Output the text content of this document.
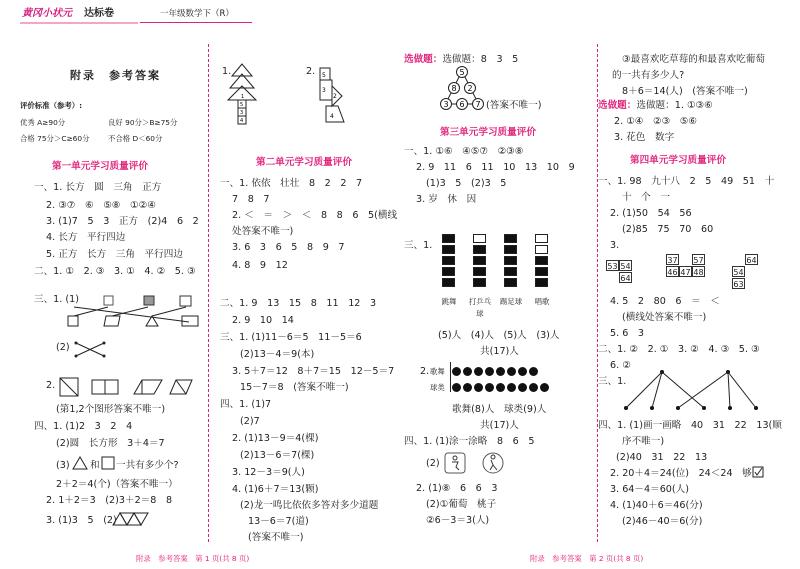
黄冈小状元 达标卷	一年级数学下（R）
附录　参考答案
评价标准（参考）:
优秀 A≥90分	良好 90分＞B≥75分
合格 75分＞C≥60分	不合格 D＜60分
第一单元学习质量评价
一、1. 长方　圆　三角　正方
2. ③⑦　⑥　⑤⑧　①②④
3. (1)7　5　3　正方　(2)4　6　2
4. 长方　平行四边
5. 正方　长方　三角　平行四边
二、1. ①　2. ③　3. ①　4. ②　5. ③
三、1. (1)
(2)
2.
(第1,2个图形答案不唯一)
四、1. (1)2　3　2　4
(2)圆　长方形　3＋4＝7
(3) 和 一共有多少个?
2＋2＝4(个)（答案不唯一）
2. 1＋2＝3　(2)3＋2＝8　8
3. (1)3　5　(2)
1.
1
5
3
4
2. 5
3
2
4
第二单元学习质量评价
一、1. 依依　壮壮　8　2　2　7
7　8　7
2. ＜　＝　＞　＜　8　8　6　5(横线
处答案不唯一)
3. 6　3　6　5　8　9　7
4. 8　9　12
二、1. 9　13　15　8　11　12　3
2. 9　10　14
三、1. (1)11－6＝5　11－5＝6
(2)13－4＝9(本)
3. 5＋7＝12　8＋7＝15　12－5＝7
15－7＝8　(答案不唯一)
四、1. (1)7
(2)7
2. (1)13－9＝4(棵)
(2)13－6＝7(棵)
3. 12－3＝9(人)
4. (1)6＋7＝13(颗)
(2)龙一鸣比依依多答对多少道题
13－6＝7(道)
(答案不唯一)
选做题：选做题：8　3　5
5
8 2
3 6 7 (答案不唯一)
第三单元学习质量评价
一、1. ①⑥　④⑤⑦　②③⑧
2. 9　11　6　11　10　13　10　9
(1)3　5　(2)3　5
3. 岁　休　因
三、1.
跳舞	打乒乓球
踢足球	唱歌
(5)人　(4)人　(5)人　(3)人
共(17)人
2. 歌舞
球类
歌舞(8)人　球类(9)人
共(17)人
四、1. (1)涂一涂略　8　6　5
(2)
2. (1)⑧　6　6　3
(2)①葡萄　桃子
②6－3＝3(人)
③最喜欢吃草莓的和最喜欢吃葡萄
的一共有多少人?
8＋6＝14(人)　(答案不唯一)
选做题：选做题：1. ①③⑥
2. ①④　②③　⑤⑥
3. 花色　数字
第四单元学习质量评价
一、1. 98　九十八　2　5　49　51　十
十　个　一
2. (1)50　54　56
(2)85　75　70　60
3.
53 54
64
37
46 47 48
57
54
64
63
4. 5　2　80　6　＝　＜
(横线处答案不唯一)
5. 6　3
二、1. ②　2. ①　3. ②　4. ③　5. ③
6. ②
三、1.
四、1. (1)画一画略　40　31　22　13(顺
序不唯一)
(2)40　31　22　13
2. 20＋4＝24(位)　24＜24　够
3. 64－4＝60(人)
4. (1)40＋6＝46(分)
(2)46－40＝6(分)
附录　参考答案　第 1 页(共 8 页)	附录　参考答案　第 2 页(共 8 页)
